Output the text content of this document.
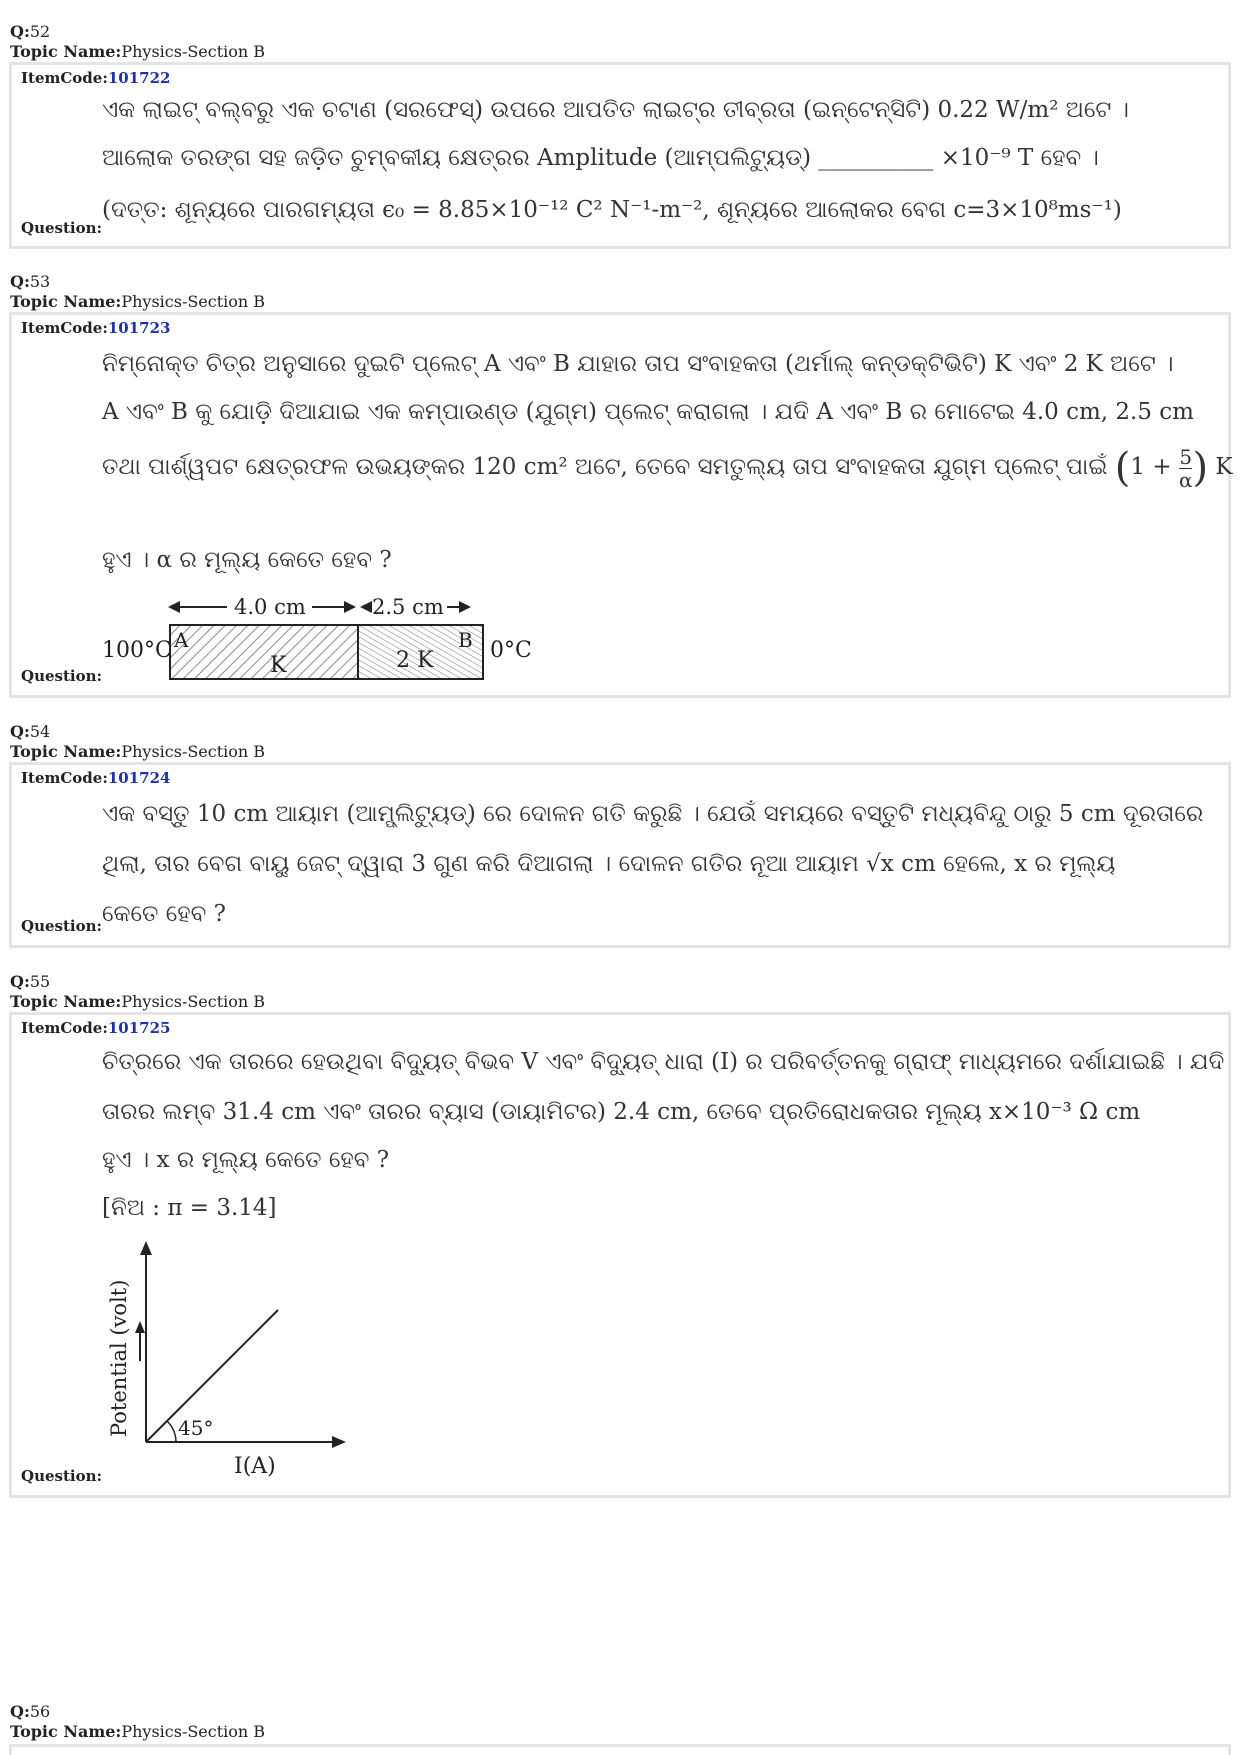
Q:52
Topic Name:Physics-Section B
ItemCode:101722
ଏକ ଲାଇଟ୍ ବଲ୍ବରୁ ଏକ ଚଟାଣ (ସରଫେସ୍) ଉପରେ ଆପତିତ ଲାଇଟ୍‌ର ତୀବ୍ରତା (ଇନ୍‌ଟେନ୍‌ସିଟି) 0.22 W/m² ଅଟେ ।
ଆଲୋକ ତରଙ୍ଗ ସହ ଜଡ଼ିତ ଚୁମ୍ବକୀୟ କ୍ଷେତ୍ରର Amplitude (ଆମ୍ପଲିଟ୍ୟୁଡ୍) __________ ×10⁻⁹ T ହେବ ।
(ଦତ୍ତ: ଶୂନ୍ୟରେ ପାରଗମ୍ୟତା ϵ₀ = 8.85×10⁻¹² C² N⁻¹-m⁻², ଶୂନ୍ୟରେ ଆଲୋକର ବେଗ c=3×10⁸ms⁻¹)
Question:
Q:53
Topic Name:Physics-Section B
ItemCode:101723
ନିମ୍ନୋକ୍ତ ଚିତ୍ର ଅନୁସାରେ ଦୁଇଟି ପ୍ଲେଟ୍ A ଏବଂ B ଯାହାର ତାପ ସଂବାହକତା (ଥର୍ମାଲ୍ କନ୍‌ଡକ୍ଟିଭିଟି) K ଏବଂ 2 K ଅଟେ ।
A ଏବଂ B କୁ ଯୋଡ଼ି ଦିଆଯାଇ ଏକ କମ୍ପାଉଣ୍ଡ (ଯୁଗ୍ମ) ପ୍ଲେଟ୍ କରାଗଲା । ଯଦି A ଏବଂ B ର ମୋଟେଇ 4.0 cm, 2.5 cm
ତଥା ପାର୍ଶ୍ୱପଟ କ୍ଷେତ୍ରଫଳ ଉଭୟଙ୍କର 120 cm² ଅଟେ, ତେବେ ସମତୁଲ୍ୟ ତାପ ସଂବାହକତା ଯୁଗ୍ମ ପ୍ଲେଟ୍ ପାଇଁ ($1 + \frac{5}{\alpha}$ ) K
ହୁଏ । α ର ମୂଲ୍ୟ କେତେ ହେବ ?
4.0 cm	2.5 cm
100°C	0°C
A	B
K	2 K
Question:
Q:54
Topic Name:Physics-Section B
ItemCode:101724
ଏକ ବସ୍ତୁ 10 cm ଆୟାମ (ଆମ୍ପ୍ଲିଟ୍ୟୁଡ୍) ରେ ଦୋଳନ ଗତି କରୁଛି । ଯେଉଁ ସମୟରେ ବସ୍ତୁଟି ମଧ୍ୟବିନ୍ଦୁ ଠାରୁ 5 cm ଦୂରତାରେ
ଥିଲା, ତାର ବେଗ ବାୟୁ ଜେଟ୍ ଦ୍ୱାରା 3 ଗୁଣ କରି ଦିଆଗଲା । ଦୋଳନ ଗତିର ନୂଆ ଆୟାମ √x cm ହେଲେ, x ର ମୂଲ୍ୟ
କେତେ ହେବ ?
Question:
Q:55
Topic Name:Physics-Section B
ItemCode:101725
ଚିତ୍ରରେ ଏକ ତାରରେ ହେଉଥିବା ବିଦ୍ୟୁତ୍ ବିଭବ V ଏବଂ ବିଦ୍ୟୁତ୍ ଧାରା (I) ର ପରିବର୍ତ୍ତନକୁ ଗ୍ରାଫ୍ ମାଧ୍ୟମରେ ଦର୍ଶାଯାଇଛି । ଯଦି
ତାରର ଲମ୍ବ 31.4 cm ଏବଂ ତାରର ବ୍ୟାସ (ଡାୟାମିଟର) 2.4 cm, ତେବେ ପ୍ରତିରୋଧକତାର ମୂଲ୍ୟ x×10⁻³ Ω cm
ହୁଏ । x ର ମୂଲ୍ୟ କେତେ ହେବ ?
[ନିଅ : π = 3.14]
45°
Potential (volt)
I(A)
Question:
Q:56
Topic Name:Physics-Section B
